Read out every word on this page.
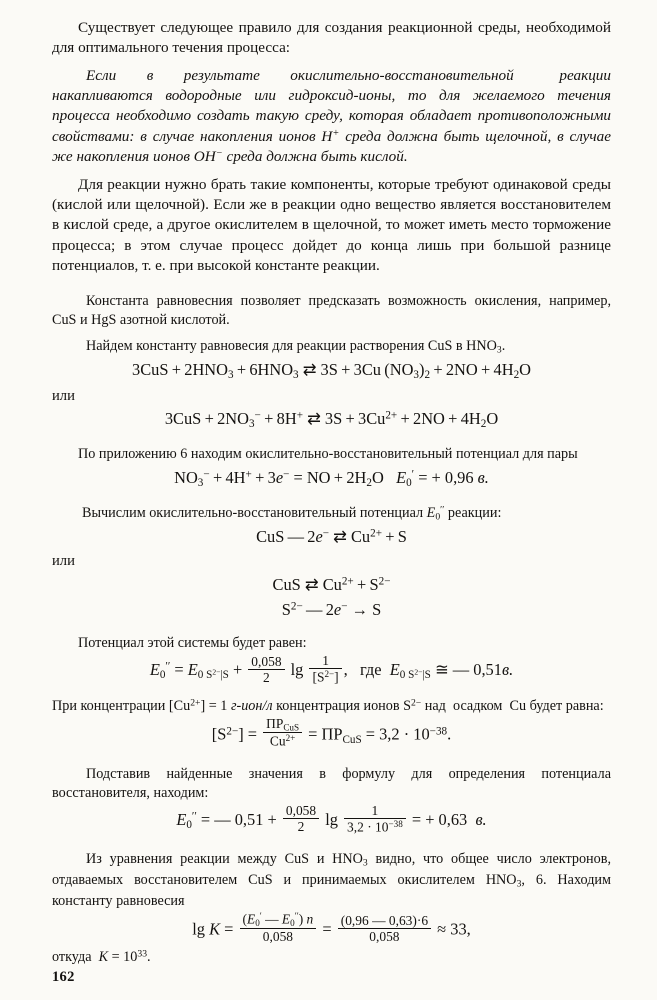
Существует следующее правило для создания реакционной среды, необходимой для оптимального течения процесса:

Если  в  результате  окислительно-восстановительной   реакции накапливаются водородные или гидроксид-ионы, то для желаемого течения процесса необходимо создать такую среду, которая обладает противоположными свойствами: в случае накопления ионов H+ среда должна быть щелочной, в случае же накопления ионов ОН− среда должна быть кислой.

Для реакции нужно брать такие компоненты, которые требуют одинаковой среды (кислой или щелочной). Если же в реакции одно вещество является восстановителем в кислой среде, а другое окислителем в щелочной, то может иметь место торможение процесса; в этом случае процесс дойдет до конца лишь при большой разнице потенциалов, т. е. при высокой константе реакции.

Константа равновесния позволяет предсказать возможность окисления, например, CuS и HgS азотной кислотой.

Найдем константу равновесия для реакции растворения CuS в $HNO_3$.

$3CuS + 2HNO_3 + 6HNO_3$ ⇄ 3S + 3Cu $(NO_3)_2 + 2NO + 4H_2O$

или

$3CuS + 2NO_3^- + 8H^+$ ⇄ $3S + 3Cu^{2+} + 2NO + 4H_2O$

По приложению 6 находим окислительно-восстановительный потенциал для пары

$NO_3^- + 4H^+ + 3e^-$ = NO + $2H_2O$   $E_0'$ = + 0,96 в.

Вычислим окислительно-восстановительный потенциал $E_0''$ реакции:

CuS — 2e− ⇄ $Cu^{2+} + S$

или

CuS ⇄ $Cu^{2+} + S^{2-}$

$S^{2-}$ — 2e− → S

Потенциал этой системы будет равен:

$E_0'' = E_{0 S^{2-}|S} + \frac{0,058}{2}$ $\lg \frac{1}{[S^{2-}]}$ ,   где  $E_{0 S^{2-}|S}$ ≅ — 0,51в.

При концентрации $[Cu^{2+}] = 1$ г-ион/л концентрация ионов $S^{2-}$ над  осадком  Cu будет равна:

$[S^{2-}] = \frac{ПР_{CuS}}{Cu^{2+}} = ПР_{CuS} = 3,2 \cdot 10^{-38}$.

Подставив  найденные  значения  в  формулу  для  определения  потенциала восстановителя, находим:

$E_0''$ = — $0,51 + \frac{0,058}{2}$ $\lg \frac{1}{3,2 \cdot 10^{-38}}$ = + 0,63  в.

Из уравнения реакции между CuS и $HNO_3$ видно, что общее число электронов, отдаваемых восстановителем CuS и принимаемых окислителем $HNO_3$, 6. Находим константу равновесия

$\lg K = \frac{(E_0' — E_0'') n}{0,058} = \frac{(0,96 — 0,63)\cdot 6}{0,058} \approx 33$,

откуда  $K = 10^{33}$.

162
